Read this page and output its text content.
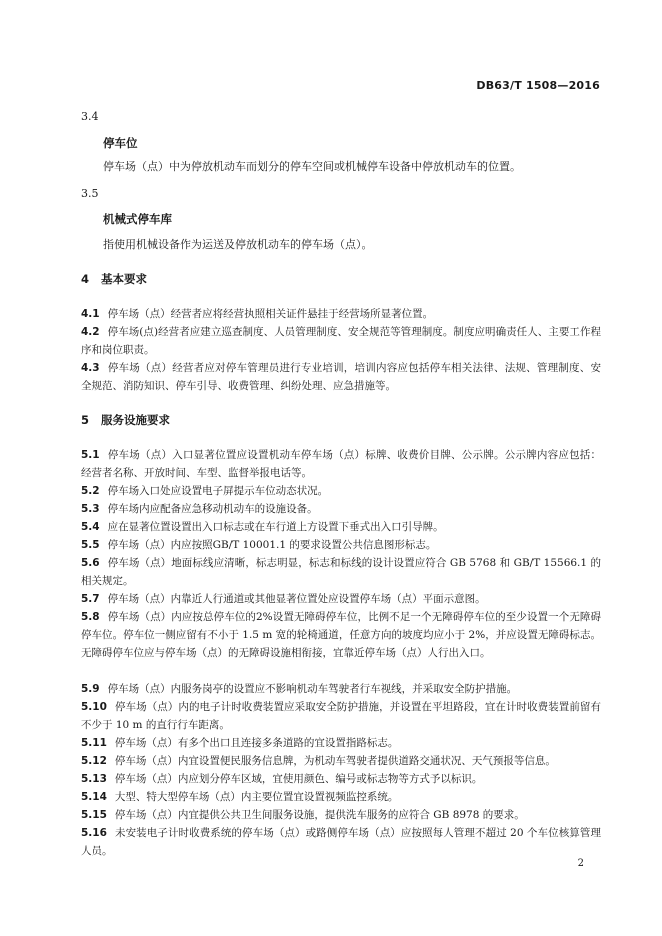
DB63/T 1508—2016
3.4
停车位
停车场（点）中为停放机动车而划分的停车空间或机械停车设备中停放机动车的位置。
3.5
机械式停车库
指使用机械设备作为运送及停放机动车的停车场（点）。
4 基本要求
4.1 停车场（点）经营者应将经营执照相关证件悬挂于经营场所显著位置。
4.2 停车场(点)经营者应建立巡查制度、人员管理制度、安全规范等管理制度。制度应明确责任人、主要工作程序和岗位职责。
4.3 停车场（点）经营者应对停车管理员进行专业培训，培训内容应包括停车相关法律、法规、管理制度、安全规范、消防知识、停车引导、收费管理、纠纷处理、应急措施等。
5 服务设施要求
5.1 停车场（点）入口显著位置应设置机动车停车场（点）标牌、收费价目牌、公示牌。公示牌内容应包括：经营者名称、开放时间、车型、监督举报电话等。
5.2 停车场入口处应设置电子屏提示车位动态状况。
5.3 停车场内应配备应急移动机动车的设施设备。
5.4 应在显著位置设置出入口标志或在车行道上方设置下垂式出入口引导牌。
5.5 停车场（点）内应按照GB/T 10001.1 的要求设置公共信息图形标志。
5.6 停车场（点）地面标线应清晰，标志明显，标志和标线的设计设置应符合 GB 5768 和 GB/T 15566.1 的相关规定。
5.7 停车场（点）内靠近人行通道或其他显著位置处应设置停车场（点）平面示意图。
5.8 停车场（点）内应按总停车位的2%设置无障碍停车位，比例不足一个无障碍停车位的至少设置一个无障碍停车位。停车位一侧应留有不小于 1.5 m 宽的轮椅通道，任意方向的坡度均应小于 2%，并应设置无障碍标志。无障碍停车位应与停车场（点）的无障碍设施相衔接，宜靠近停车场（点）人行出入口。
5.9 停车场（点）内服务岗亭的设置应不影响机动车驾驶者行车视线，并采取安全防护措施。
5.10 停车场（点）内的电子计时收费装置应采取安全防护措施，并设置在平坦路段，宜在计时收费装置前留有不少于 10 m 的直行行车距离。
5.11 停车场（点）有多个出口且连接多条道路的宜设置指路标志。
5.12 停车场（点）内宜设置便民服务信息牌，为机动车驾驶者提供道路交通状况、天气预报等信息。
5.13 停车场（点）内应划分停车区域，宜使用颜色、编号或标志物等方式予以标识。
5.14 大型、特大型停车场（点）内主要位置宜设置视频监控系统。
5.15 停车场（点）内宜提供公共卫生间服务设施，提供洗车服务的应符合 GB 8978 的要求。
5.16 未安装电子计时收费系统的停车场（点）或路侧停车场（点）应按照每人管理不超过 20 个车位核算管理人员。
2
